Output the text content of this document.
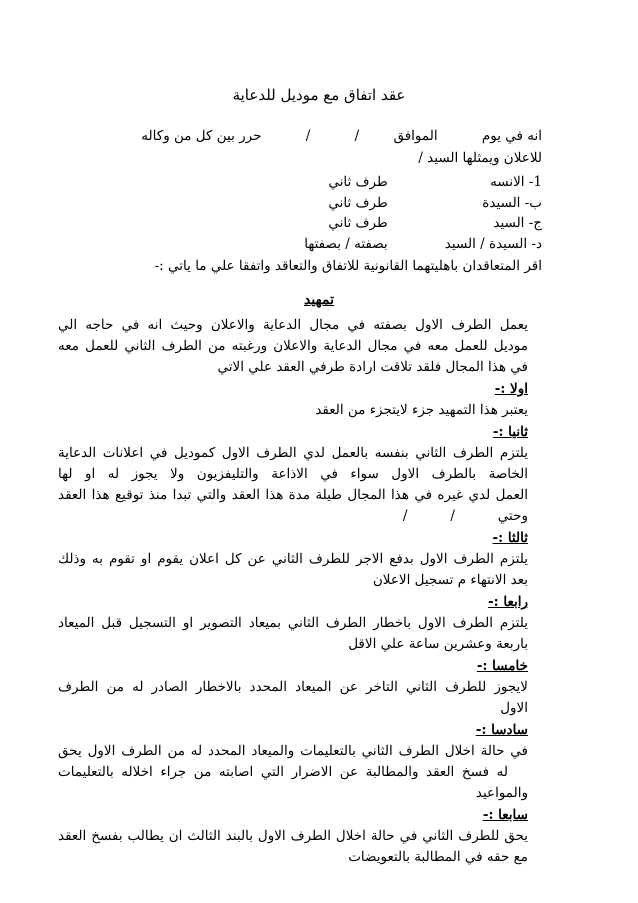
عقد اتفاق مع موديل للدعاية
انه في يوم الموافق / / حرر بين كل من وكاله
للاعلان ويمثلها السيد /
1- الانسه طرف ثاني
ب- السيدة طرف ثاني
ج- السيد طرف ثاني
د- السيدة / السيد بصفته / بصفتها
اقر المتعاقدان باهليتهما القانونية للاتفاق والتعاقد واتفقا علي ما ياتي :-
تمهيد
يعمل الطرف الاول بصفته في مجال الدعاية والاعلان وحيث انه في حاجه الي
موديل للعمل معه في مجال الدعاية والاعلان ورغبته من الطرف الثاني للعمل معه
في هذا المجال فلقد تلاقت ارادة طرفي العقد علي الاتي
اولا :-
يعتبر هذا التمهيد جزء لايتجزء من العقد
ثانيا :-
يلتزم الطرف الثاني بنفسه بالعمل لدي الطرف الاول كموديل في اعلانات الدعاية
الخاصة بالطرف الاول سواء في الاذاعة والتليفزيون ولا يجوز له او لها
العمل لدي غيره في هذا المجال طيلة مدة هذا العقد والتي تبدا منذ توقيع هذا العقد
وحتي          /          /
ثالثا :-
يلتزم الطرف الاول بدفع الاجر للطرف الثاني عن كل اعلان يقوم او تقوم به وذلك
بعد الانتهاء م تسجيل الاعلان
رابعا :-
يلتزم الطرف الاول باخطار الطرف الثاني بميعاد التصوير او التسجيل قبل الميعاد
باربعة وعشرين ساعة علي الاقل
خامسا :-
لايجوز للطرف الثاني التاخر عن الميعاد المحدد بالاخطار الصادر له من الطرف
الاول
سادسا :-
في حالة اخلال الطرف الثاني بالتعليمات والميعاد المحدد له من الطرف الاول يحق
له فسخ العقد والمطالبة عن الاضرار التي اصابته من جراء اخلاله بالتعليمات
والمواعيد
سابعا :-
يحق للطرف الثاني في حالة اخلال الطرف الاول بالبند الثالث ان يطالب بفسخ العقد
مع حقه في المطالبة بالتعويضات
